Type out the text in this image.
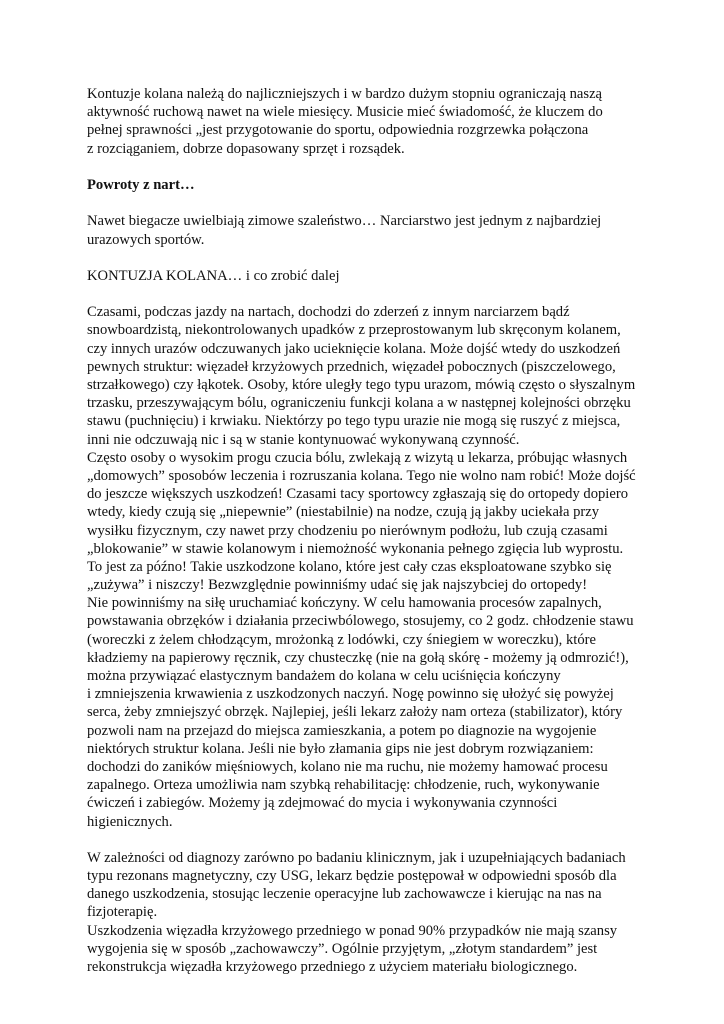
Kontuzje kolana należą do najliczniejszych i w bardzo dużym stopniu ograniczają naszą
aktywność ruchową nawet na wiele miesięcy. Musicie mieć świadomość, że kluczem do
pełnej sprawności „jest przygotowanie do sportu, odpowiednia rozgrzewka połączona
z rozciąganiem, dobrze dopasowany sprzęt i rozsądek.
Powroty z nart…
Nawet biegacze uwielbiają zimowe szaleństwo… Narciarstwo jest jednym z najbardziej
urazowych sportów.
KONTUZJA KOLANA… i co zrobić dalej
Czasami, podczas jazdy na nartach, dochodzi do zderzeń z innym narciarzem bądź
snowboardzistą, niekontrolowanych upadków z przeprostowanym lub skręconym kolanem,
czy innych urazów odczuwanych jako ucieknięcie kolana. Może dojść wtedy do uszkodzeń
pewnych struktur: więzadeł krzyżowych przednich, więzadeł pobocznych (piszczelowego,
strzałkowego) czy łąkotek. Osoby, które uległy tego typu urazom, mówią często o słyszalnym
trzasku, przeszywającym bólu, ograniczeniu funkcji kolana a w następnej kolejności obrzęku
stawu (puchnięciu) i krwiaku. Niektórzy po tego typu urazie nie mogą się ruszyć z miejsca,
inni nie odczuwają nic i są w stanie kontynuować wykonywaną czynność.
Często osoby o wysokim progu czucia bólu, zwlekają z wizytą u lekarza, próbując własnych
„domowych” sposobów leczenia i rozruszania kolana. Tego nie wolno nam robić! Może dojść
do jeszcze większych uszkodzeń! Czasami tacy sportowcy zgłaszają się do ortopedy dopiero
wtedy, kiedy czują się „niepewnie” (niestabilnie) na nodze, czują ją jakby uciekała przy
wysiłku fizycznym, czy nawet przy chodzeniu po nierównym podłożu, lub czują czasami
„blokowanie” w stawie kolanowym i niemożność wykonania pełnego zgięcia lub wyprostu.
To jest za późno! Takie uszkodzone kolano, które jest cały czas eksploatowane szybko się
„zużywa” i niszczy! Bezwzględnie powinniśmy udać się jak najszybciej do ortopedy!
Nie powinniśmy na siłę uruchamiać kończyny. W celu hamowania procesów zapalnych,
powstawania obrzęków i działania przeciwbólowego, stosujemy, co 2 godz. chłodzenie stawu
(woreczki z żelem chłodzącym, mrożonką z lodówki, czy śniegiem w woreczku), które
kładziemy na papierowy ręcznik, czy chusteczkę (nie na gołą skórę - możemy ją odmrozić!),
można przywiązać elastycznym bandażem do kolana w celu uciśnięcia kończyny
i zmniejszenia krwawienia z uszkodzonych naczyń. Nogę powinno się ułożyć się powyżej
serca, żeby zmniejszyć obrzęk. Najlepiej, jeśli lekarz założy nam orteza (stabilizator), który
pozwoli nam na przejazd do miejsca zamieszkania, a potem po diagnozie na wygojenie
niektórych struktur kolana. Jeśli nie było złamania gips nie jest dobrym rozwiązaniem:
dochodzi do zaników mięśniowych, kolano nie ma ruchu, nie możemy hamować procesu
zapalnego. Orteza umożliwia nam szybką rehabilitację: chłodzenie, ruch, wykonywanie
ćwiczeń i zabiegów. Możemy ją zdejmować do mycia i wykonywania czynności
higienicznych.
W zależności od diagnozy zarówno po badaniu klinicznym, jak i uzupełniających badaniach
typu rezonans magnetyczny, czy USG, lekarz będzie postępował w odpowiedni sposób dla
danego uszkodzenia, stosując leczenie operacyjne lub zachowawcze i kierując na nas na
fizjoterapię.
Uszkodzenia więzadła krzyżowego przedniego w ponad 90% przypadków nie mają szansy
wygojenia się w sposób „zachowawczy”. Ogólnie przyjętym, „złotym standardem” jest
rekonstrukcja więzadła krzyżowego przedniego z użyciem materiału biologicznego.
